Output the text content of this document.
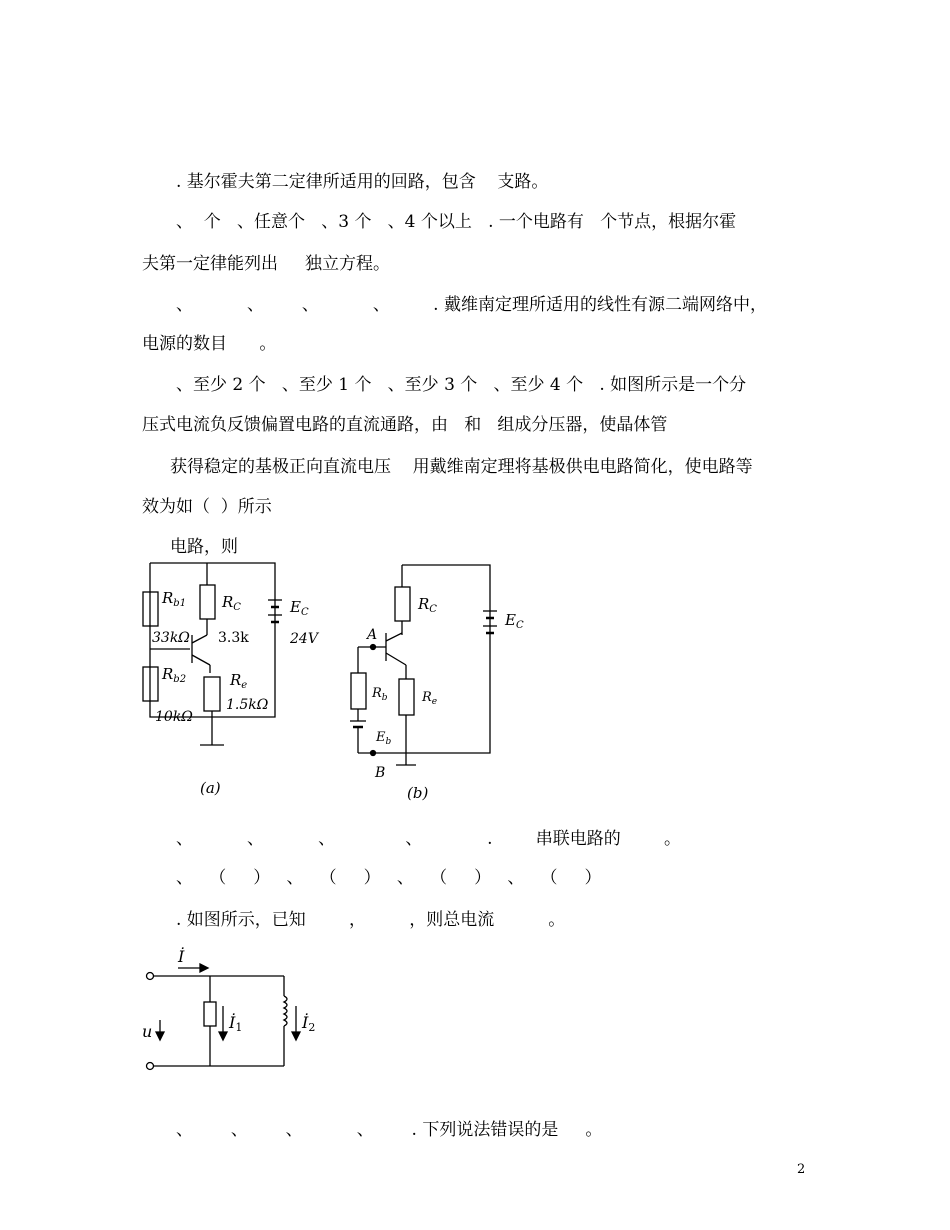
. 基尔霍夫第二定律所适用的回路，包含    支路。
、  个   、任意个   、3 个   、4 个以上   . 一个电路有   个节点，根据尔霍
夫第一定律能列出     独立方程。
、          、       、          、        . 戴维南定理所适用的线性有源二端网络中，
电源的数目      。
、至少 2 个   、至少 1 个   、至少 3 个   、至少 4 个   . 如图所示是一个分
压式电流负反馈偏置电路的直流通路，由   和   组成分压器，使晶体管
获得稳定的基极正向直流电压    用戴维南定理将基极供电电路简化，使电路等
效为如（  ）所示
电路，则
、          、          、             、            .        串联电路的        。
、   （     ）   、   （     ）   、   （     ）   、   （     ）
. 如图所示，已知        ，        ，则总电流          。
、       、       、          、       . 下列说法错误的是     。
$R_{b1}$ $R_C$
33kΩ 3.3k
$E_C$
24V
$R_{b2}$	$R_e$
1.5kΩ
10kΩ
(a)
$R_C$
$E_C$
A
$R_b$	$R_e$
$E_b$
B
(b)
İ
u	İ1	İ2
2
